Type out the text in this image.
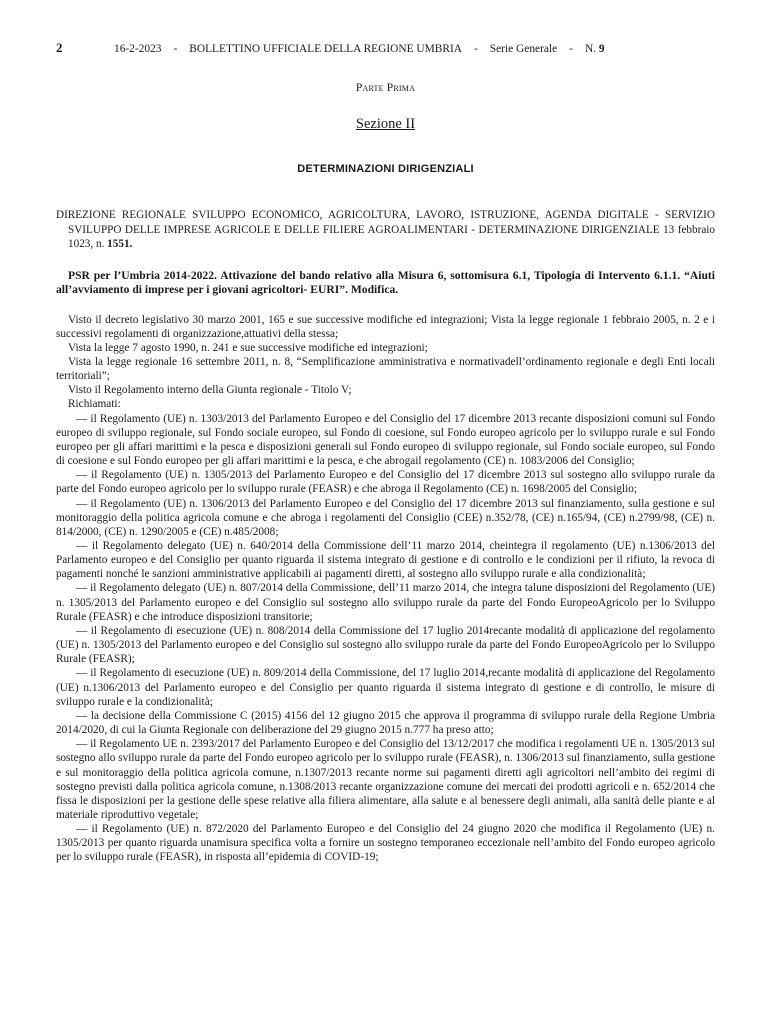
2	16-2-2023 - BOLLETTINO UFFICIALE DELLA REGIONE UMBRIA - Serie Generale - N.
9
Parte Prima
Sezione II
DETERMINAZIONI DIRIGENZIALI
DIREZIONE REGIONALE SVILUPPO ECONOMICO, AGRICOLTURA, LAVORO, ISTRUZIONE, AGENDA DIGITALE - SERVIZIO SVILUPPO DELLE IMPRESE AGRICOLE E DELLE FILIERE AGROALIMENTARI - DETERMINAZIONE DIRIGENZIALE 13 febbraio 1023, n. 1551.
PSR per l’Umbria 2014-2022. Attivazione del bando relativo alla Misura 6, sottomisura 6.1, Tipologia di Intervento 6.1.1. “Aiuti all’avviamento di imprese per i giovani agricoltori- EURI”. Modifica.

Visto il decreto legislativo 30 marzo 2001, 165 e sue successive modifiche ed integrazioni; Vista la legge regionale 1 febbraio 2005, n. 2 e i successivi regolamenti di organizzazione,attuativi della stessa;

Vista la legge 7 agosto 1990, n. 241 e sue successive modifiche ed integrazioni;

Vista la legge regionale 16 settembre 2011, n. 8, “Semplificazione amministrativa e normativadell’ordinamento regionale e degli Enti locali territoriali”;

Visto il Regolamento interno della Giunta regionale - Titolo V;

Richiamati:

— il Regolamento (UE) n. 1303/2013 del Parlamento Europeo e del Consiglio del 17 dicembre 2013 recante disposizioni comuni sul Fondo europeo di sviluppo regionale, sul Fondo sociale europeo, sul Fondo di coesione, sul Fondo europeo agricolo per lo sviluppo rurale e sul Fondo europeo per gli affari marittimi e la pesca e disposizioni generali sul Fondo europeo di sviluppo regionale, sul Fondo sociale europeo, sul Fondo di coesione e sul Fondo europeo per gli affari marittimi e la pesca, e che abrogail regolamento (CE) n. 1083/2006 del Consiglio;

— il Regolamento (UE) n. 1305/2013 del Parlamento Europeo e del Consiglio del 17 dicembre 2013 sul sostegno allo sviluppo rurale da parte del Fondo europeo agricolo per lo sviluppo rurale (FEASR) e che abroga il Regolamento (CE) n. 1698/2005 del Consiglio;

— il Regolamento (UE) n. 1306/2013 del Parlamento Europeo e del Consiglio del 17 dicembre 2013 sul finanziamento, sulla gestione e sul monitoraggio della politica agricola comune e che abroga i regolamenti del Consiglio (CEE) n.352/78, (CE) n.165/94, (CE) n.2799/98, (CE) n. 814/2000, (CE) n. 1290/2005 e (CE) n.485/2008;

— il Regolamento delegato (UE) n. 640/2014 della Commissione dell’11 marzo 2014, cheintegra il regolamento (UE) n.1306/2013 del Parlamento europeo e del Consiglio per quanto riguarda il sistema integrato di gestione e di controllo e le condizioni per il rifiuto, la revoca di pagamenti nonché le sanzioni amministrative applicabili ai pagamenti diretti, al sostegno allo sviluppo rurale e alla condizionalità;

— il Regolamento delegato (UE) n. 807/2014 della Commissione, dell’11 marzo 2014, che integra talune disposizioni del Regolamento (UE) n. 1305/2013 del Parlamento europeo e del Consiglio sul sostegno allo sviluppo rurale da parte del Fondo EuropeoAgricolo per lo Sviluppo Rurale (FEASR) e che introduce disposizioni transitorie;

— il Regolamento di esecuzione (UE) n. 808/2014 della Commissione del 17 luglio 2014recante modalità di applicazione del regolamento (UE) n. 1305/2013 del Parlamento europeo e del Consiglio sul sostegno allo sviluppo rurale da parte del Fondo EuropeoAgricolo per lo Sviluppo Rurale (FEASR);

— il Regolamento di esecuzione (UE) n. 809/2014 della Commissione, del 17 luglio 2014,recante modalità di applicazione del Regolamento (UE) n.1306/2013 del Parlamento europeo e del Consiglio per quanto riguarda il sistema integrato di gestione e di controllo, le misure di sviluppo rurale e la condizionalità;

— la decisione della Commissione C (2015) 4156 del 12 giugno 2015 che approva il programma di sviluppo rurale della Regione Umbria 2014/2020, di cui la Giunta Regionale con deliberazione del 29 giugno 2015 n.777 ha preso atto;

— il Regolamento UE n. 2393/2017 del Parlamento Europeo e del Consiglio del 13/12/2017 che modifica i regolamenti UE n. 1305/2013 sul sostegno allo sviluppo rurale da parte del Fondo europeo agricolo per lo sviluppo rurale (FEASR), n. 1306/2013 sul finanziamento, sulla gestione e sul monitoraggio della politica agricola comune, n.1307/2013 recante norme sui pagamenti diretti agli agricoltori nell’ambito dei regimi di sostegno previsti dalla politica agricola comune, n.1308/2013 recante organizzazione comune dei mercati dei prodotti agricoli e n. 652/2014 che fissa le disposizioni per la gestione delle spese relative alla filiera alimentare, alla salute e al benessere degli animali, alla sanità delle piante e al materiale riproduttivo vegetale;

— il Regolamento (UE) n. 872/2020 del Parlamento Europeo e del Consiglio del 24 giugno 2020 che modifica il Regolamento (UE) n. 1305/2013 per quanto riguarda unamisura specifica volta a fornire un sostegno temporaneo eccezionale nell’ambito del Fondo europeo agricolo per lo sviluppo rurale (FEASR), in risposta all’epidemia di COVID-19;
